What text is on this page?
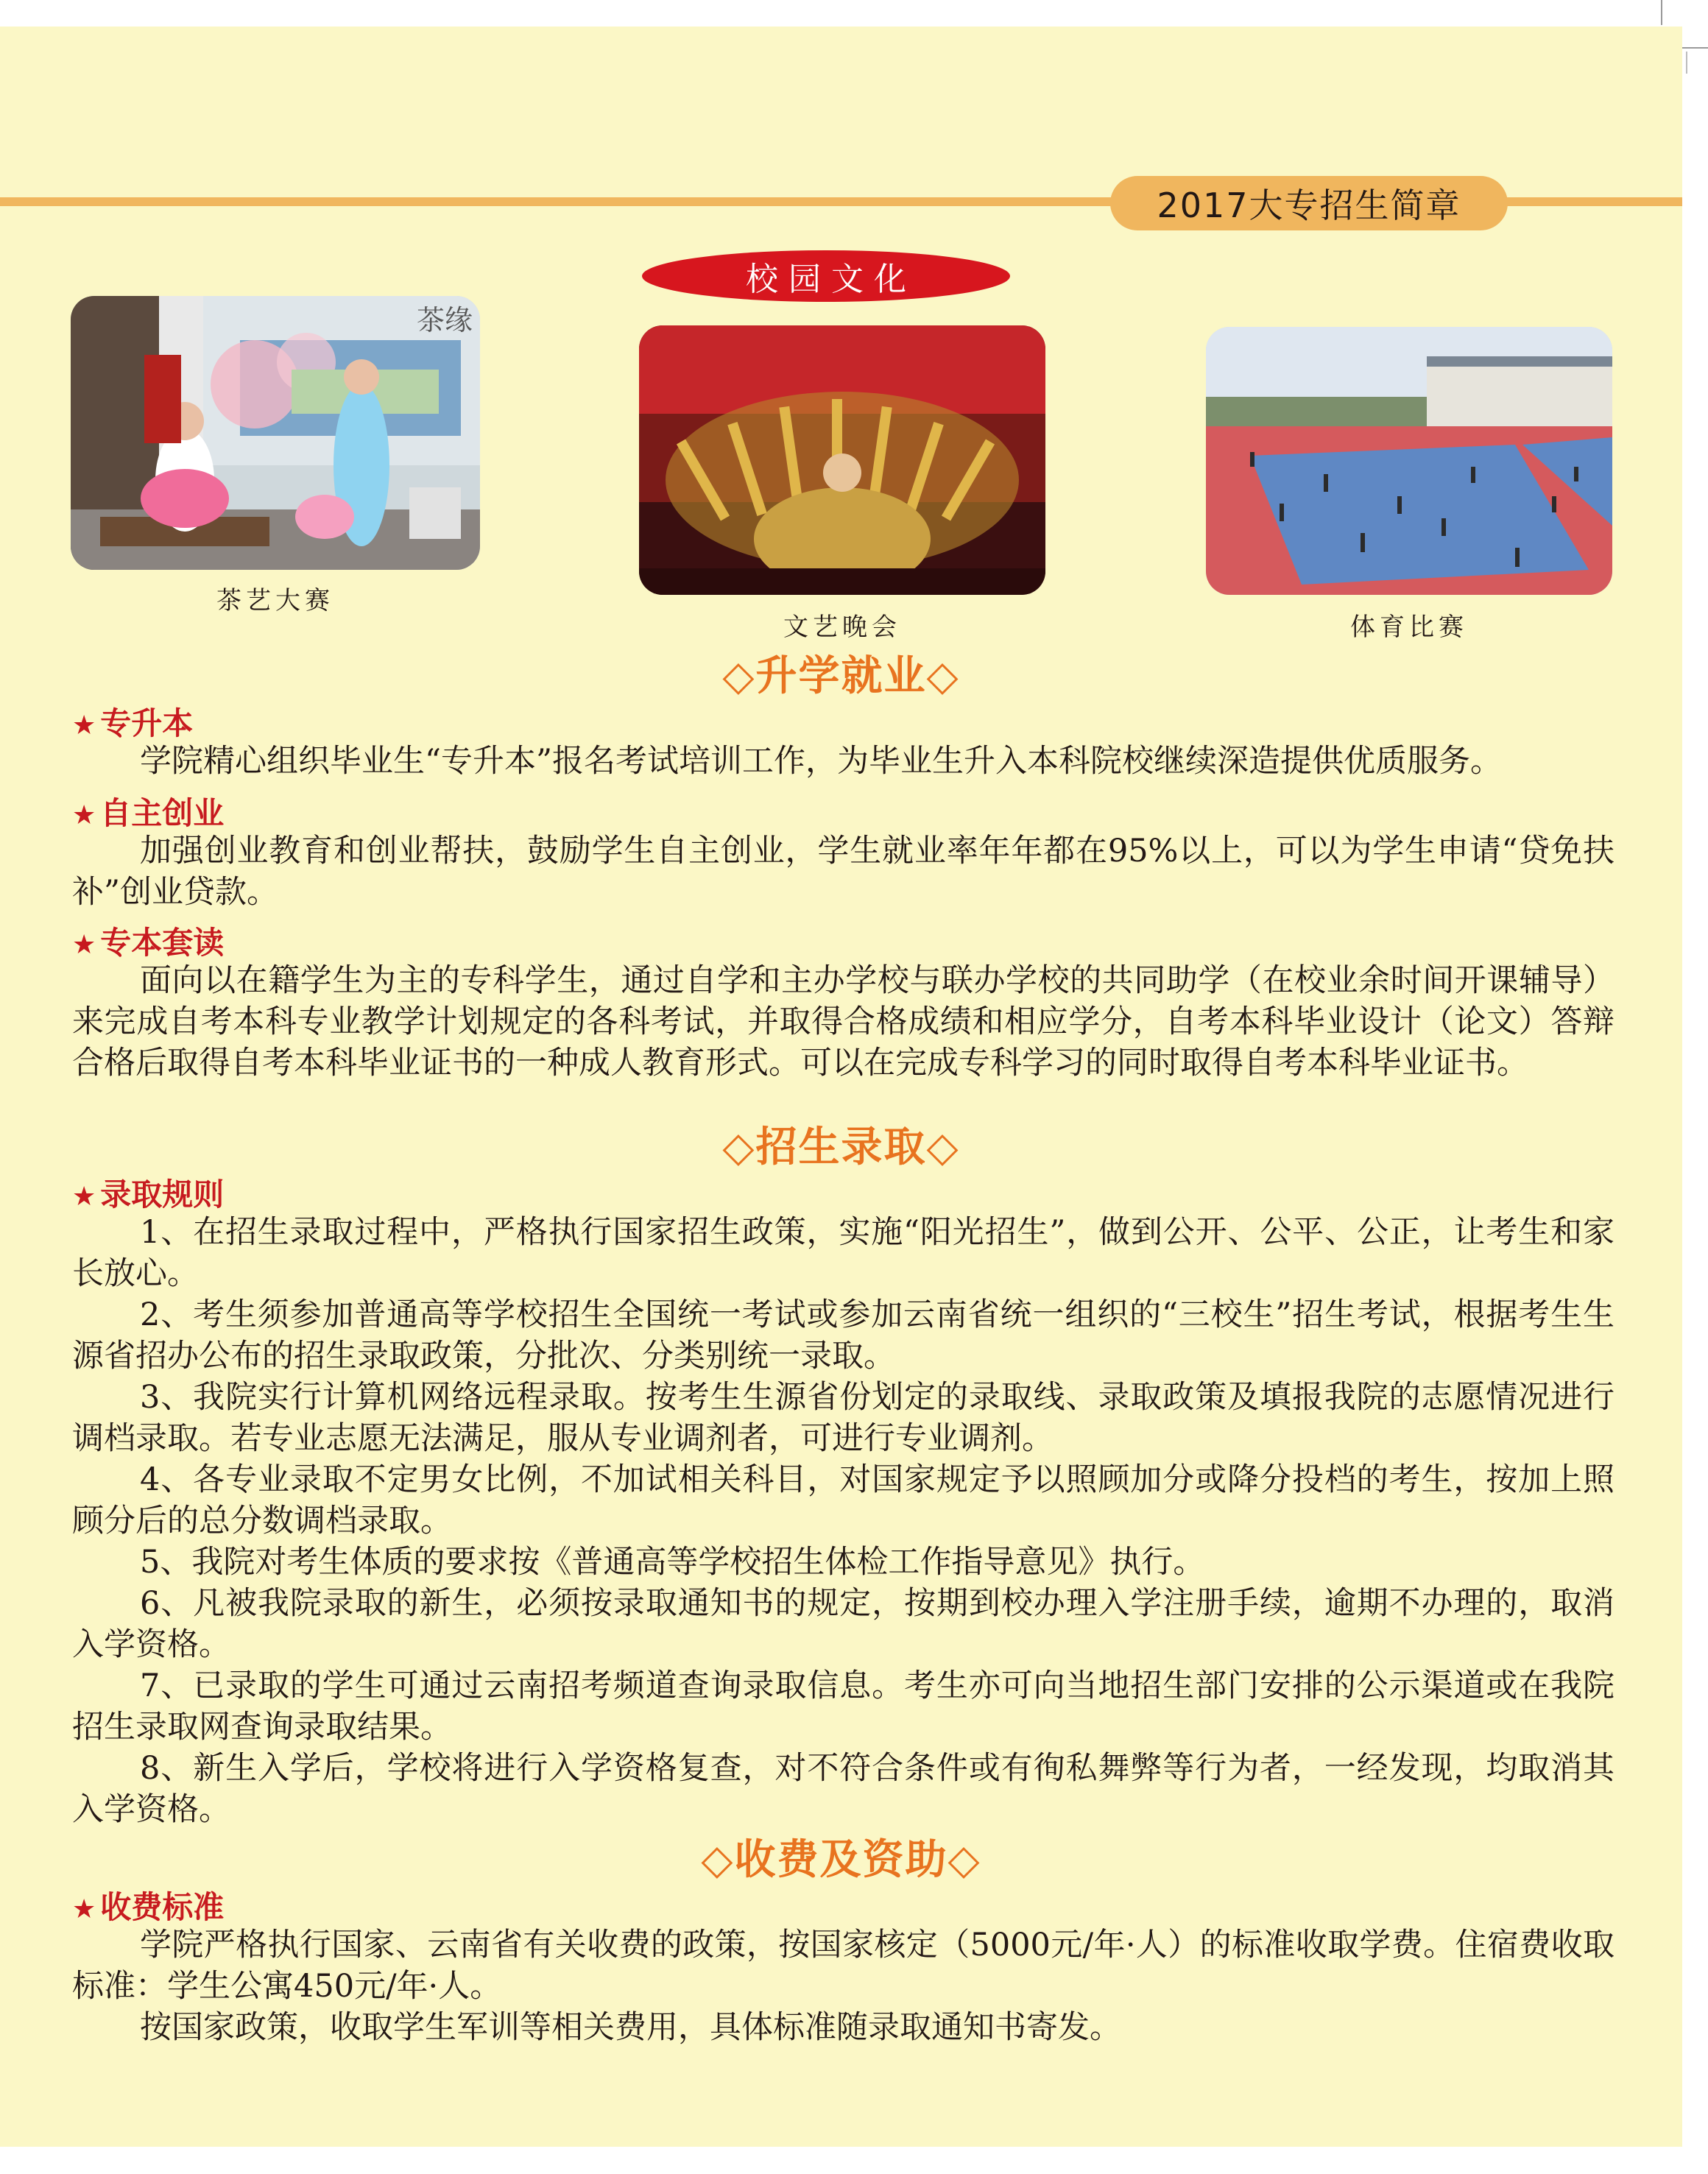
2017大专招生简章
校园文化
茶缘
茶艺大赛
文艺晚会	体育比赛
◇升学就业◇
★ 专升本

学院精心组织毕业生“专升本”报名考试培训工作，为毕业生升入本科院校继续深造提供优质服务。

★ 自主创业

加强创业教育和创业帮扶，鼓励学生自主创业，学生就业率年年都在95%以上，可以为学生申请“贷免扶补”创业贷款。

★ 专本套读

面向以在籍学生为主的专科学生，通过自学和主办学校与联办学校的共同助学（在校业余时间开课辅导）来完成自考本科专业教学计划规定的各科考试，并取得合格成绩和相应学分，自考本科毕业设计（论文）答辩合格后取得自考本科毕业证书的一种成人教育形式。可以在完成专科学习的同时取得自考本科毕业证书。

◇招生录取◇
★ 录取规则

1、在招生录取过程中，严格执行国家招生政策，实施“阳光招生”，做到公开、公平、公正，让考生和家长放心。

2、考生须参加普通高等学校招生全国统一考试或参加云南省统一组织的“三校生”招生考试，根据考生生源省招办公布的招生录取政策，分批次、分类别统一录取。

3、我院实行计算机网络远程录取。按考生生源省份划定的录取线、录取政策及填报我院的志愿情况进行调档录取。若专业志愿无法满足，服从专业调剂者，可进行专业调剂。

4、各专业录取不定男女比例，不加试相关科目，对国家规定予以照顾加分或降分投档的考生，按加上照顾分后的总分数调档录取。

5、我院对考生体质的要求按《普通高等学校招生体检工作指导意见》执行。

6、凡被我院录取的新生，必须按录取通知书的规定，按期到校办理入学注册手续，逾期不办理的，取消入学资格。

7、已录取的学生可通过云南招考频道查询录取信息。考生亦可向当地招生部门安排的公示渠道或在我院招生录取网查询录取结果。

8、新生入学后，学校将进行入学资格复查，对不符合条件或有徇私舞弊等行为者，一经发现，均取消其入学资格。

◇收费及资助◇
★ 收费标准

学院严格执行国家、云南省有关收费的政策，按国家核定（5000元/年·人）的标准收取学费。住宿费收取标准：学生公寓450元/年·人。

按国家政策，收取学生军训等相关费用，具体标准随录取通知书寄发。
